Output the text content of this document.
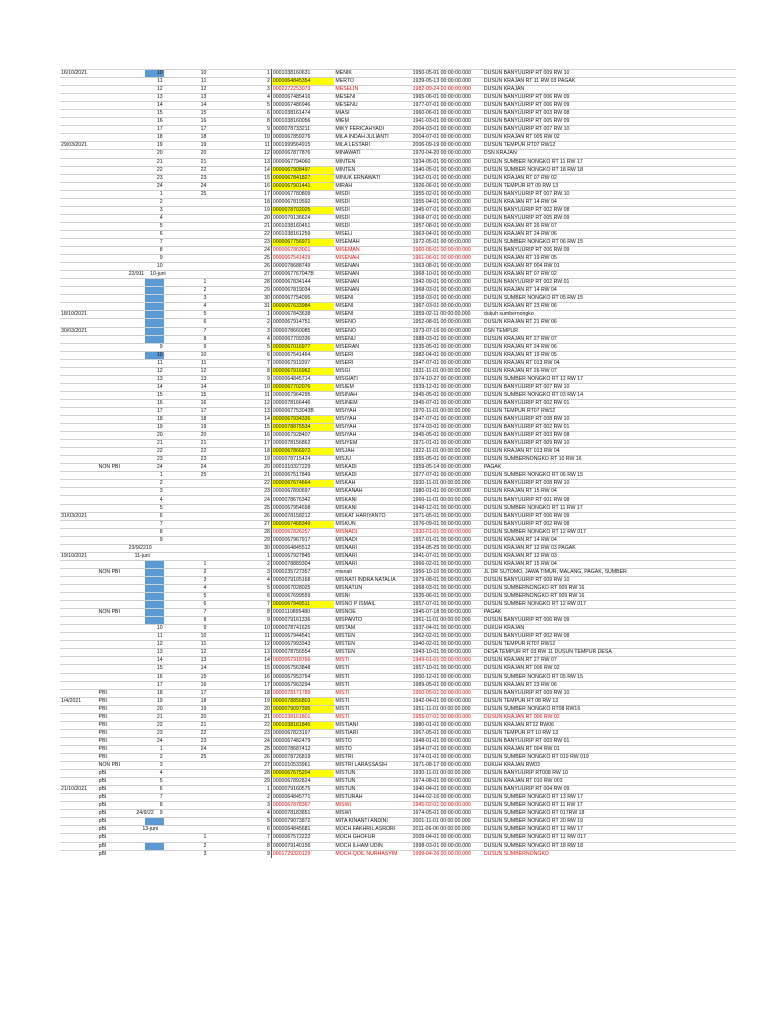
16/10/2021		10	10	1	0001038160631	MENIK	1950-05-01 00:00:00.000	DUSUN BANYUURIP RT 009 RW 10
		11	11	2	0000064845354	MERTO	1939-05-13 00:00:00.000	DUSUN KRAJAN RT 11 RW 03 PAGAK
		12	12	3	0002272253073	MESELIN	1982-09-24 00:00:00.000	DUSUN KRAJAN
		13	13	4	0000067485416	MESENI	1965-06-01 00:00:00.000	DUSUN BANYUURIP RT 006 RW 09
		14	14	5	0000067486946	MESENU	1977-07-01 00:00:00.000	DUSUN BANYUURIP RT 006 RW 09
		15	15	6	0001038161474	MIASI	1960-06-01 00:00:00.000	DUSUN BANYUURIP RT 003 RW 08
		16	16	8	0001038160056	MIEM	1941-03-01 00:00:00.000	DUSUN BANYUURIP RT 005 RW 09
		17	17	9	0000078733211	MIKY FERICAHYADI	2004-03-01 00:00:00.000	DUSUN BANYUURIP RT 007 RW 10
		18	18	10	0000067859276	MILA INDAH JULIANTI	2004-07-01 00:00:00.000	DUSUN KRAJAN RT 005 RW 02
29/03/2021		19	19	11	0001999564915	MILA LESTARI	2006-09-19 00:00:00.000	DUSUN TEMPUR RT07 RW12
		20	20	12	0000067877876	MINAWATI	1970-04-20 00:00:00.000	DSN KRAJAN
		21	21	13	0000067794060	MINTEN	1934-05-01 00:00:00.000	DUSUN SUMBER NONGKO RT 11 RW 17
		22	22	14	0000067908497	MINTEN	1940-05-01 00:00:00.000	DUSUN SUMBER NONGKO RT 18 RW 18
		23	23	15	0000067841827	MINUK ERNAWATI	1962-01-01 00:00:00.000	DUSUN KRAJAN RT 07 RW 02
		24	24	16	0000067901441	MIRAH	1926-06-01 00:00:00.000	DUSUN TEMPUR RT 09 RW 13
		1	25	17	0000067780809	MISDI	1955-02-01 00:00:00.000	DUSUN BANYUURIP RT 007 RW 10
		2		18	0000067819592	MISDI	1955-04-01 00:00:00.000	DUSUN KRAJAN RT 14 RW 04
		3		19	0000078702025	MISDI	1945-07-01 00:00:00.000	DUSUN BANYUURIP RT 002 RW 08
		4		20	0000079136624	MISDI	1968-07-01 00:00:00.000	DUSUN BANYUURIP RT 005 RW 09
		5		21	0001038160451	MISDI	1957-08-01 00:00:00.000	DUSUN KRAJAN RT 26 RW 07
		6		22	0001038161259	MISELI	1963-04-01 00:00:00.000	DUSUN KRAJAN RT 24 RW 06
		7		23	0000067756971	MISEMAH	1972-05-01 00:00:00.000	DUSUN SUMBER NONGKO RT 06 RW 15
		8		24	0000067863001	MISEMAN	1960-05-01 00:00:00.000	DUSUN BANYUURIP RT 006 RW 09
		9		25	0000067541429	MISENAH	1961-06-01 00:00:00.000	DUSUN KRAJAN RT 19 RW 05
		10		26	0000078688749	MISENAN	1963-08-01 00:00:00.000	DUSUN KRAJAN RT 004 RW 01
	22/911 10-juni			27	0000067767047B	MISENAN	1968-10-01 00:00:00.000	DUSUN KRAJAN RT 07 RW 02
			1	28	0000067834144	MISENAN	1942-09-01 00:00:00.000	DUSUN BANYUURIP RT 002 RW 01
			2	29	0000067819034	MISENAN	1968-03-01 00:00:00.000	DUSUN KRAJAN RT 14 RW 04
			3	30	0000067754095	MISENI	1958-03-01 00:00:00.000	DUSUN SUMBER NONGKO RT 05 RW 15
			4	31	0000067633984	MISENI	1967-03-01 00:00:00.000	DUSUN KRAJAN RT 23 RW 06
18/10/2021			5	1	0000067843638	MISENI	1959-02-11 00:00:00.000	dukuh sumbernongko
			6	2	0000067914751	MISENO	1952-08-01 00:00:00.000	DUSUN KRAJAN RT 21 RW 06
30/03/2021			7	3	0000078660085	MISENO	1973-07-16 00:00:00.000	DSN TEMPUR
			8	4	0000067709336	MISENU	1988-03-01 00:00:00.000	DUSUN KRAJAN RT 27 RW 07
		9	9	5	0000067016977	MISERAN	1935-05-01 00:00:00.000	DUSUN KRAJAN RT 24 RW 06
		10	10	6	0000067541464	MISERI	1982-04-01 00:00:00.000	DUSUN KRAJAN RT 19 RW 05
		11	11	7	0000067911097	MISERI	1947-07-01 00:00:00.000	DUSUN KRAJAN RT 013 RW 04
		12	12	8	0000067916962	MISGI	1931-11-01 00:00:00.000	DUSUN KRAJAN RT 26 RW 07
		13	13	9	0000064845714	MISGIATI	1974-10-27 00:00:00.000	DUSUN SUMBER NONGKO RT 12 RW 17
		14	14	10	0000067702076	MISIEM	1939-12-01 00:00:00.000	DUSUN BANYUURIP RT 007 RW 10
		15	15	11	0000067964295	MISINAH	1945-05-01 00:00:00.000	DUSUN SUMBER NONGKO RT 03 RW 14
		16	16	12	0000078166446	MISINEM	1945-07-01 00:00:00.000	DUSUN BANYUURIP RT 002 RW 01
		17	17	13	0000067753043B	MISIYAH	1970-11-01 00:00:00.000	DUSUN TEMPUR RT07 RW12
		18	18	14	0000067934336	MISIYAH	1947-07-01 00:00:00.000	DUSUN BANYUURIP RT 008 RW 10
		19	19	15	0000078875534	MISIYAH	1974-03-01 00:00:00.000	DUSUN BANYUURIP RT 002 RW 01
		20	20	16	0000067928407	MISIYAH	1945-05-01 00:00:00.000	DUSUN BANYUURIP RT 003 RW 08
		21	21	17	0000078156862	MISIYEM	1971-01-01 00:00:00.000	DUSUN BANYUURIP RT 009 RW 10
		22	22	18	0000067866972	MISJAH	1922-11-01 00:00:00.000	DUSUN KRAJAN RT 013 RW 04
		23	23	19	0000078715424	MISJU	1955-05-01 00:00:00.000	DUSUN SUMBERNONGKO RT 10 RW 16
	NON PBI	24	24	20	0001010327229	MISKADI	1959-05-14 00:00:00.000	PAGAK
		1	25	21	0000067517849	MISKADI	1977-07-01 00:00:00.000	DUSUN SUMBER NONGKO RT 06 RW 15
		2		22	0000067674664	MISKAH	1930-11-01 00:00:00.000	DUSUN BANYUURIP RT 008 RW 10
		3		23	0000067890697	MISKANAH	1980-01-01 00:00:00.000	DUSUN KRAJAN RT 15 RW 04
		4		24	0000078676342	MISKANI	1960-11-01 00:00:00.000	DUSUN BANYUURIP RT 001 RW 08
		5		25	0000067954698	MISKANI	1948-12-01 00:00:00.000	DUSUN SUMBER NONGKO RT 11 RW 17
31/03/2021		6		26	0000078158212	MISKAT HARIYANTO	1971-05-01 00:00:00.000	DUSUN BANYUURIP RT 006 RW 09
		7		27	0000067468349	MISKUN	1976-09-01 00:00:00.000	DUSUN BANYUURIP RT 002 RW 08
		8		28	0000067826257	MISNADI	1930-01-01 00:00:00.000	DUSUN SUMBER NONGKO RT 12 RW 017
		9		29	0000067967917	MISNADI	1957-01-01 00:00:00.000	DUSUN KRAJAN RT 14 RW 04
	23/9/2210			30	0000064845512	MISNARI	1954-05-25 00:00:00.000	DUSUN KRAJAN RT 12 RW 03 PAGAK
19/10/2021	11-juni			1	0000067927845	MISNARI	1941-07-01 00:00:00.000	DUSUN KRAJAN RT 12 RW 03
			1	2	0000078889304	MISNARI	1966-02-01 00:00:00.000	DUSUN KRAJAN RT 15 RW 04
	NON PBI		2	3	0000235727357	misnati	1956-10-10 00:00:00.000	JL DR SUTOMO, JAWA TIMUR, MALANG, PAGAK, SUMBER
			3	4	0000079105168	MISNATI INDRA NATALIA	1979-08-01 00:00:00.000	DUSUN BANYUURIP RT 009 RW 10
			4	5	0000067028025	MISNATUN	1968-03-01 00:00:00.000	DUSUN SUMBERNONGKO RT 009 RW 16
			5	6	0000067699559	MISNI	1935-06-01 00:00:00.000	DUSUN SUMBERNONGKO RT 009 RW 16
			6	7	0000067949511	MISNO P ISMAIL	1957-07-01 00:00:00.000	DUSUN SUMBER NONGKO RT 12 RW 017
	NON PBI		7	8	0000110895480	MISNOE	1945-07-18 00:00:00.000	PAGAK
			8	9	0000079161336	MISPANTO	1961-11-01 00:00:00.000	DUSUN BANYUURIP RT 006 RW 09
		10	9	10	0000078741625	MISTAM	1937-04-01 00:00:00.000	DUKUH KRAJAN
		11	10	11	0000067944541	MISTEN	1962-02-01 00:00:00.000	DUSUN BANYUURIP RT 002 RW 08
		12	11	12	0000067993343	MISTEN	1940-02-01 00:00:00.000	DUSUN TEMPUR RT07 RW12
		13	12	13	0000078756554	MISTEN	1943-10-01 00:00:00.000	DESA TEMPUR RT 03 RW 11 DUSUN TEMPUR DESA
		14	13	14	0000067918766	MISTI	1949-01-01 00:00:00.000	DUSUN KRAJAN RT 27 RW 07
		15	14	15	0000067563848	MISTI	1957-10-01 00:00:00.000	DUSUN KRAJAN RT 006 RW 02
		16	15	16	0000067953754	MISTI	1950-12-01 00:00:00.000	DUSUN SUMBER NONGKO RT 05 RW 15
		17	16	17	0000067963294	MISTI	1989-05-01 00:00:00.000	DUSUN KRAJAN RT 23 RW 06
	PBI	18	17	18	0000078171789	MISTI	1950-05-01 00:00:00.000	DUSUN BANYUURIP RT 009 RW 10
1/4/2021	PBI	19	18	19	0000078856803	MISTI	1942-04-01 00:00:00.000	DUSUN TEMPUR RT 08 RW 13
	PBI	20	19	20	0000079097395	MISTI	1951-11-01 00:00:00.000	DUSUN SUMBER NONGKO RT08 RW16
	PBI	21	20	21	0001038161801	MISTI	1955-07-01 00:00:00.000	DUSUN KRAJAN RT 006 RW 02
	PBI	22	21	22	0001038161845	MISTIANI	1980-01-01 00:00:00.000	DUSUN KRAJAN RT22 RW06
	PBI	23	22	23	0000067823197	MISTIARI	1967-05-01 00:00:00.000	DUSUN TEMPUR RT 10 RW 13
	PBI	24	23	24	0000067482479	MISTO	1948-01-01 00:00:00.000	DUSUN BANYUURIP RT 003 RW 01
	PBI	1	24	25	0000078687412	MISTO	1954-07-01 00:00:00.000	DUSUN KRAJAN RT 004 RW 01
	PBI	2	25	26	0000078726819	MISTRI	1974-01-01 00:00:00.000	DUSUN SUMBER NONGKO RT 019 RW 019
	NON PBI	3		27	0001010533961	MISTRI LARASSASIH	1971-08-17 00:00:00.000	DUKUH KRAJAN RW03
	pBI	4		28	0000067675204	MISTUN	1930-11-01 00:00:00.000	DUSUN BANYUURIP RT008 RW 10
	pBI	5		29	0000067892824	MISTUN	1974-08-01 00:00:00.000	DUSUN KRAJAN RT 010 RW 003
21/10/2021	pBI	6		1	0000079160575	MISTUN	1940-04-01 00:00:00.000	DUSUN BANYUURIP RT 004 RW 09
	pBI	7		2	0000064845771	MISTURAH	1944-02-16 00:00:00.000	DUSUN SUMBER NONGKO RT 13 RW 17
	pBI	8		3	0000067878367	MISWI	1945-02-01 00:00:00.000	DUSUN SUMBER NONGKO RT 11 RW 17
	pBI 24/9/22	9		4	0000078183851	MISWI	1974-05-01 00:00:00.000	DUSUN SUMBER NONGKO RT 017RW 18
	pBI			5	0000079073872	MITA KINANTI ANDINI	2001-11-01 00:00:00.000	DUSUN SUMBER NONGKO RT 20 RW 19
	pBI 13-juni			6	0000064845681	MOCH FAKHRIL ASRORI	2011-06-06 00:00:00.000	DUSUN SUMBER NONGKO RT 12 RW 17
	pBI		1	7	0000067572222	MOCH GHOFUR	2009-04-01 00:00:00.000	DUSUN SUMBER NONGKO RT 12 RW 017
	pBI		2	8	0000079140156	MOCH ILHAM UDIN	1998-03-01 00:00:00.000	DUSUN SUMBER NONGKO RT 18 RW 18
	pBI		3	9	0001729320129	MOCH QOIL NURHASYIM	1999-04-26 00:00:00.000	DUSUN SUMBERNONGKO
